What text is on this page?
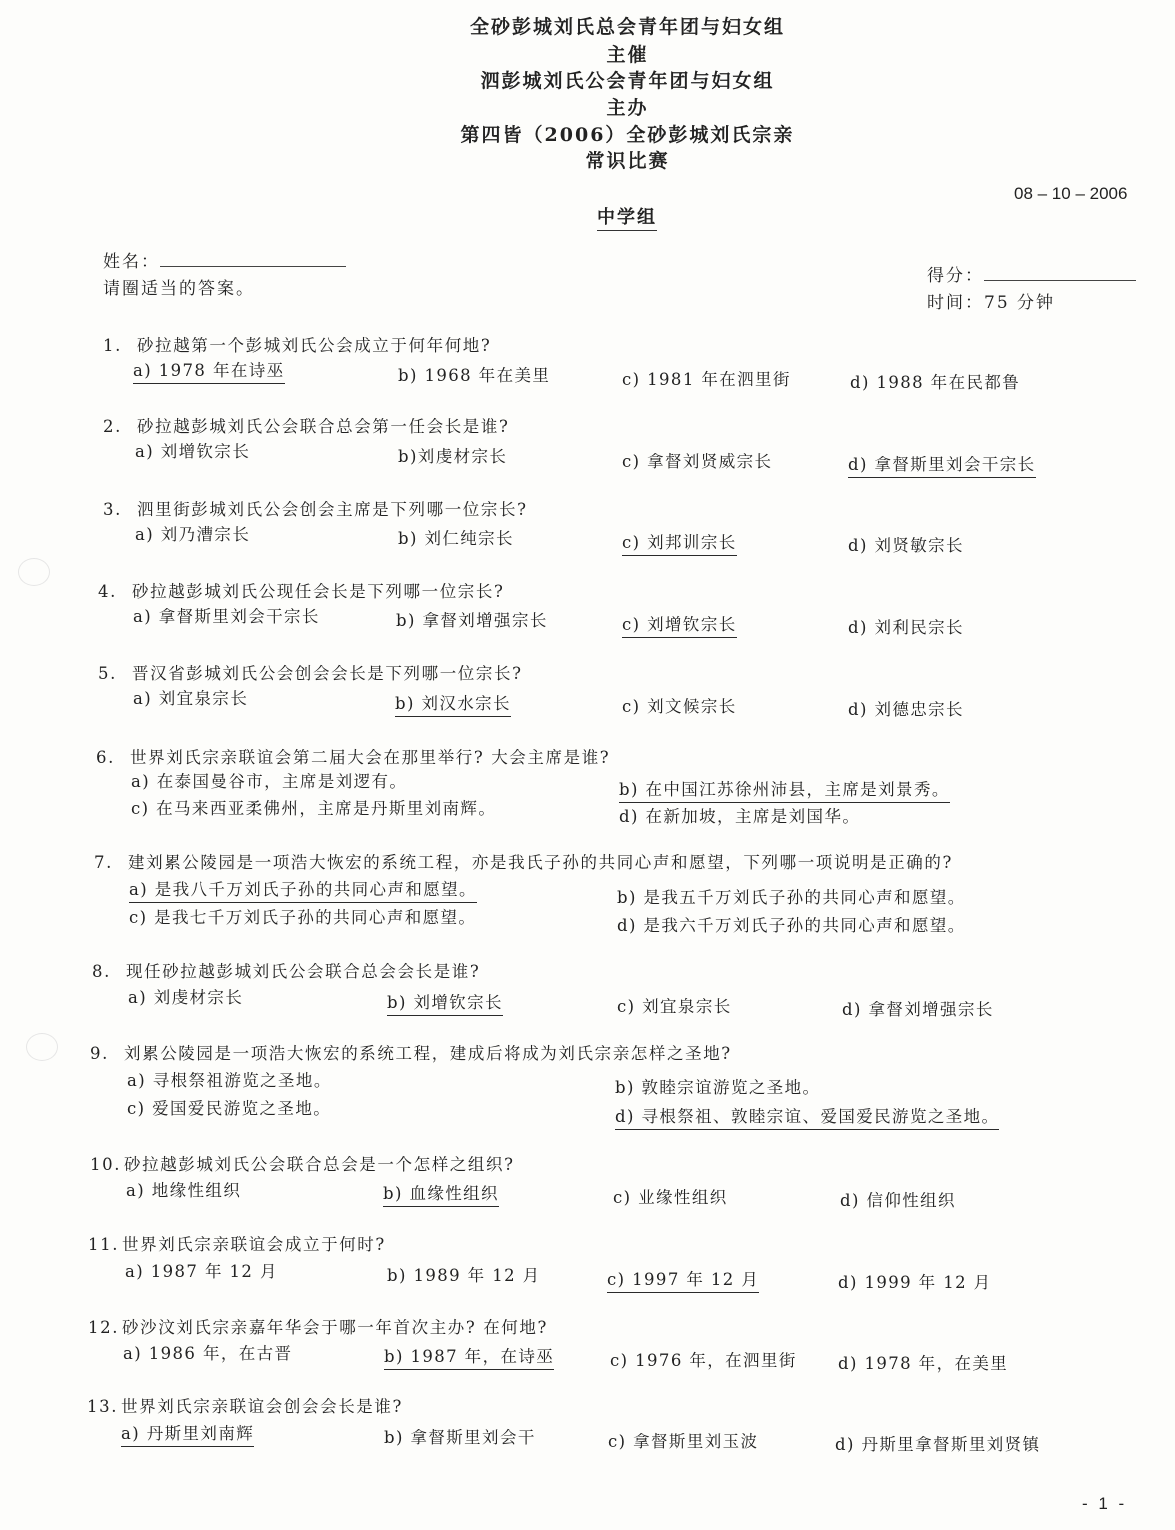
全砂彭城刘氏总会青年团与妇女组
主催
泗彭城刘氏公会青年团与妇女组
主办
第四皆（2006）全砂彭城刘氏宗亲
常识比赛
08 – 10 – 2006
中学组
姓名：
请圈适当的答案。
得分：
时间：75 分钟
1. 砂拉越第一个彭城刘氏公会成立于何年何地?
a) 1978 年在诗巫	b) 1968 年在美里	c) 1981 年在泗里街	d) 1988 年在民都鲁
2. 砂拉越彭城刘氏公会联合总会第一任会长是谁?
a) 刘增钦宗长	b)刘虔材宗长	c) 拿督刘贤威宗长	d) 拿督斯里刘会干宗长
3. 泗里街彭城刘氏公会创会主席是下列哪一位宗长?
a) 刘乃漕宗长	b) 刘仁纯宗长	c) 刘邦训宗长	d) 刘贤敏宗长
4. 砂拉越彭城刘氏公现任会长是下列哪一位宗长?
a) 拿督斯里刘会干宗长	b) 拿督刘增强宗长	c) 刘增钦宗长	d) 刘利民宗长
5. 晋汉省彭城刘氏公会创会会长是下列哪一位宗长?
a) 刘宜泉宗长	b) 刘汉水宗长	c) 刘文候宗长	d) 刘德忠宗长
6. 世界刘氏宗亲联谊会第二届大会在那里举行? 大会主席是谁?
a) 在泰国曼谷市，主席是刘逻有。	b) 在中国江苏徐州沛县，主席是刘景秀。
c) 在马来西亚柔佛州，主席是丹斯里刘南辉。	d) 在新加坡，主席是刘国华。
7. 建刘累公陵园是一项浩大恢宏的系统工程，亦是我氏子孙的共同心声和愿望，下列哪一项说明是正确的?
a) 是我八千万刘氏子孙的共同心声和愿望。	b) 是我五千万刘氏子孙的共同心声和愿望。
c) 是我七千万刘氏子孙的共同心声和愿望。	d) 是我六千万刘氏子孙的共同心声和愿望。
8. 现任砂拉越彭城刘氏公会联合总会会长是谁?
a) 刘虔材宗长	b) 刘增钦宗长	c) 刘宜泉宗长	d) 拿督刘增强宗长
9. 刘累公陵园是一项浩大恢宏的系统工程，建成后将成为刘氏宗亲怎样之圣地?
a) 寻根祭祖游览之圣地。	b) 敦睦宗谊游览之圣地。
c) 爱国爱民游览之圣地。	d) 寻根祭祖、敦睦宗谊、爱国爱民游览之圣地。
10. 砂拉越彭城刘氏公会联合总会是一个怎样之组织?
a) 地缘性组织	b) 血缘性组织	c) 业缘性组织	d) 信仰性组织
11. 世界刘氏宗亲联谊会成立于何时?
a) 1987 年 12 月	b) 1989 年 12 月	c) 1997 年 12 月	d) 1999 年 12 月
12. 砂沙汶刘氏宗亲嘉年华会于哪一年首次主办? 在何地?
a) 1986 年，在古晋	b) 1987 年，在诗巫	c) 1976 年，在泗里街 d) 1978 年，在美里
13. 世界刘氏宗亲联谊会创会会长是谁?
a) 丹斯里刘南辉	b) 拿督斯里刘会干	c) 拿督斯里刘玉波	d) 丹斯里拿督斯里刘贤镇
- 1 -
